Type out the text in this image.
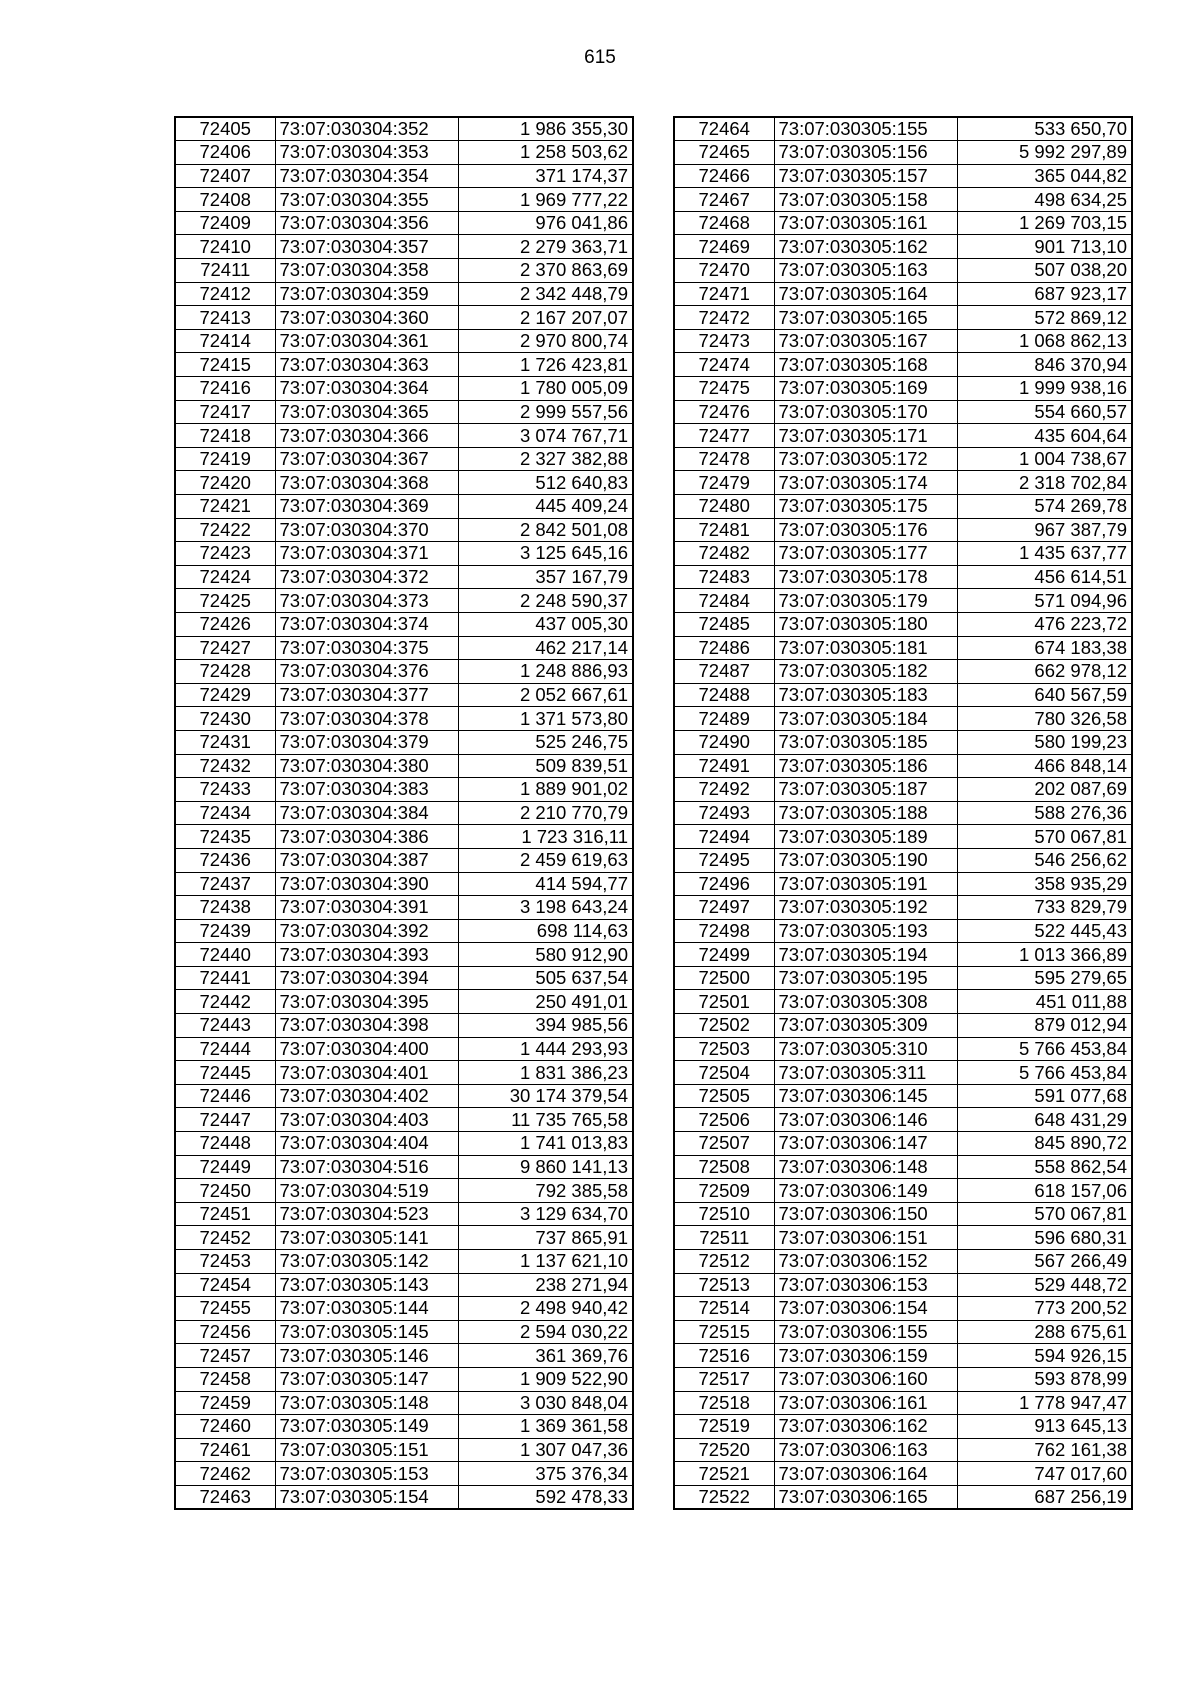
615
72405	73:07:030304:352	1 986 355,30
72406	73:07:030304:353	1 258 503,62
72407	73:07:030304:354	371 174,37
72408	73:07:030304:355	1 969 777,22
72409	73:07:030304:356	976 041,86
72410	73:07:030304:357	2 279 363,71
72411	73:07:030304:358	2 370 863,69
72412	73:07:030304:359	2 342 448,79
72413	73:07:030304:360	2 167 207,07
72414	73:07:030304:361	2 970 800,74
72415	73:07:030304:363	1 726 423,81
72416	73:07:030304:364	1 780 005,09
72417	73:07:030304:365	2 999 557,56
72418	73:07:030304:366	3 074 767,71
72419	73:07:030304:367	2 327 382,88
72420	73:07:030304:368	512 640,83
72421	73:07:030304:369	445 409,24
72422	73:07:030304:370	2 842 501,08
72423	73:07:030304:371	3 125 645,16
72424	73:07:030304:372	357 167,79
72425	73:07:030304:373	2 248 590,37
72426	73:07:030304:374	437 005,30
72427	73:07:030304:375	462 217,14
72428	73:07:030304:376	1 248 886,93
72429	73:07:030304:377	2 052 667,61
72430	73:07:030304:378	1 371 573,80
72431	73:07:030304:379	525 246,75
72432	73:07:030304:380	509 839,51
72433	73:07:030304:383	1 889 901,02
72434	73:07:030304:384	2 210 770,79
72435	73:07:030304:386	1 723 316,11
72436	73:07:030304:387	2 459 619,63
72437	73:07:030304:390	414 594,77
72438	73:07:030304:391	3 198 643,24
72439	73:07:030304:392	698 114,63
72440	73:07:030304:393	580 912,90
72441	73:07:030304:394	505 637,54
72442	73:07:030304:395	250 491,01
72443	73:07:030304:398	394 985,56
72444	73:07:030304:400	1 444 293,93
72445	73:07:030304:401	1 831 386,23
72446	73:07:030304:402	30 174 379,54
72447	73:07:030304:403	11 735 765,58
72448	73:07:030304:404	1 741 013,83
72449	73:07:030304:516	9 860 141,13
72450	73:07:030304:519	792 385,58
72451	73:07:030304:523	3 129 634,70
72452	73:07:030305:141	737 865,91
72453	73:07:030305:142	1 137 621,10
72454	73:07:030305:143	238 271,94
72455	73:07:030305:144	2 498 940,42
72456	73:07:030305:145	2 594 030,22
72457	73:07:030305:146	361 369,76
72458	73:07:030305:147	1 909 522,90
72459	73:07:030305:148	3 030 848,04
72460	73:07:030305:149	1 369 361,58
72461	73:07:030305:151	1 307 047,36
72462	73:07:030305:153	375 376,34
72463	73:07:030305:154	592 478,33
72464	73:07:030305:155	533 650,70
72465	73:07:030305:156	5 992 297,89
72466	73:07:030305:157	365 044,82
72467	73:07:030305:158	498 634,25
72468	73:07:030305:161	1 269 703,15
72469	73:07:030305:162	901 713,10
72470	73:07:030305:163	507 038,20
72471	73:07:030305:164	687 923,17
72472	73:07:030305:165	572 869,12
72473	73:07:030305:167	1 068 862,13
72474	73:07:030305:168	846 370,94
72475	73:07:030305:169	1 999 938,16
72476	73:07:030305:170	554 660,57
72477	73:07:030305:171	435 604,64
72478	73:07:030305:172	1 004 738,67
72479	73:07:030305:174	2 318 702,84
72480	73:07:030305:175	574 269,78
72481	73:07:030305:176	967 387,79
72482	73:07:030305:177	1 435 637,77
72483	73:07:030305:178	456 614,51
72484	73:07:030305:179	571 094,96
72485	73:07:030305:180	476 223,72
72486	73:07:030305:181	674 183,38
72487	73:07:030305:182	662 978,12
72488	73:07:030305:183	640 567,59
72489	73:07:030305:184	780 326,58
72490	73:07:030305:185	580 199,23
72491	73:07:030305:186	466 848,14
72492	73:07:030305:187	202 087,69
72493	73:07:030305:188	588 276,36
72494	73:07:030305:189	570 067,81
72495	73:07:030305:190	546 256,62
72496	73:07:030305:191	358 935,29
72497	73:07:030305:192	733 829,79
72498	73:07:030305:193	522 445,43
72499	73:07:030305:194	1 013 366,89
72500	73:07:030305:195	595 279,65
72501	73:07:030305:308	451 011,88
72502	73:07:030305:309	879 012,94
72503	73:07:030305:310	5 766 453,84
72504	73:07:030305:311	5 766 453,84
72505	73:07:030306:145	591 077,68
72506	73:07:030306:146	648 431,29
72507	73:07:030306:147	845 890,72
72508	73:07:030306:148	558 862,54
72509	73:07:030306:149	618 157,06
72510	73:07:030306:150	570 067,81
72511	73:07:030306:151	596 680,31
72512	73:07:030306:152	567 266,49
72513	73:07:030306:153	529 448,72
72514	73:07:030306:154	773 200,52
72515	73:07:030306:155	288 675,61
72516	73:07:030306:159	594 926,15
72517	73:07:030306:160	593 878,99
72518	73:07:030306:161	1 778 947,47
72519	73:07:030306:162	913 645,13
72520	73:07:030306:163	762 161,38
72521	73:07:030306:164	747 017,60
72522	73:07:030306:165	687 256,19
